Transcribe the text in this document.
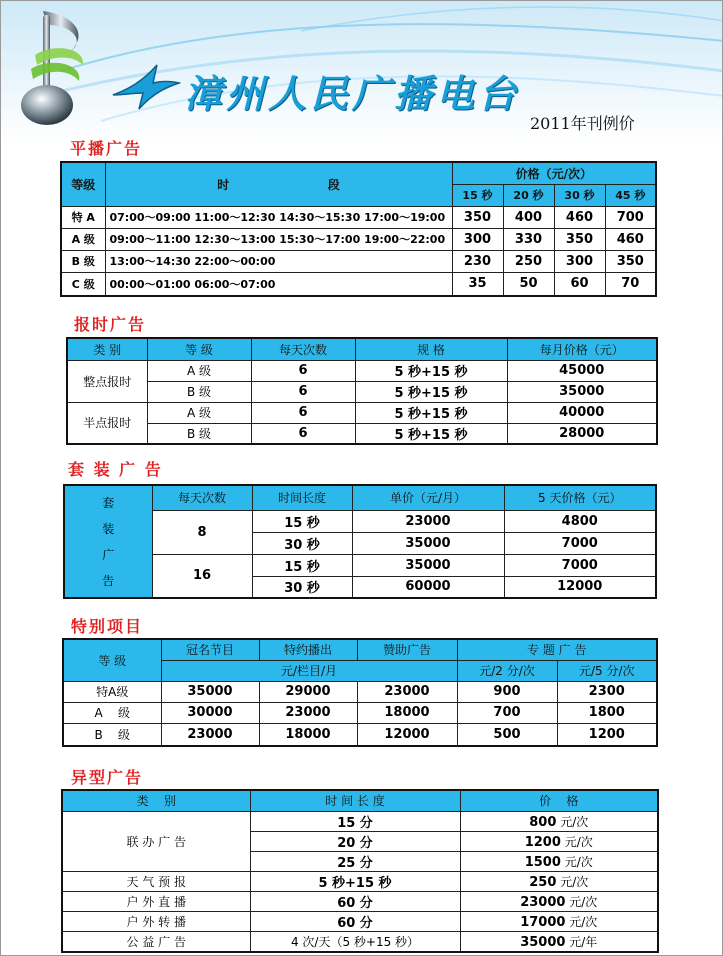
漳州人民广播电台
2011年刊例价
平播广告
等级	时 段	价格（元/次）			
		15 秒	20 秒	30 秒	45 秒
特 A	07:00～09:00 11:00～12:30 14:30～15:30 17:00～19:00	350	400	460	700
A 级	09:00～11:00 12:30～13:00 15:30～17:00 19:00～22:00	300	330	350	460
B 级	13:00～14:30 22:00～00:00	230	250	300	350
C 级	00:00～01:00 06:00～07:00	35	50	60	70
报时广告
类 别	等 级	每天次数	规 格	每月价格（元）
整点报时	A 级	6	5 秒+15 秒	45000
	B 级	6	5 秒+15 秒	35000
半点报时	A 级	6	5 秒+15 秒	40000
	B 级	6	5 秒+15 秒	28000
套 装 广 告
套
装
广
告	每天次数	时间长度	单价（元/月）	5 天价格（元）
	8	15 秒	23000	4800
		30 秒	35000	7000
	16	15 秒	35000	7000
		30 秒	60000	12000
特别项目
等 级	冠名节目	特约播出	赞助广告	专 题 广 告	
	元/栏目/月			元/2 分/次	元/5 分/次
特A级	35000	29000	23000	900	2300
A    级	30000	23000	18000	700	1800
B    级	23000	18000	12000	500	1200
异型广告
类    别	时 间 长 度	价    格
联 办 广 告	15 分	800 元/次
	20 分	1200 元/次
	25 分	1500 元/次
天 气 预 报	5 秒+15 秒	250 元/次
户 外 直 播	60 分	23000 元/次
户 外 转 播	60 分	17000 元/次
公 益 广 告	4 次/天（5 秒+15 秒）	35000 元/年
